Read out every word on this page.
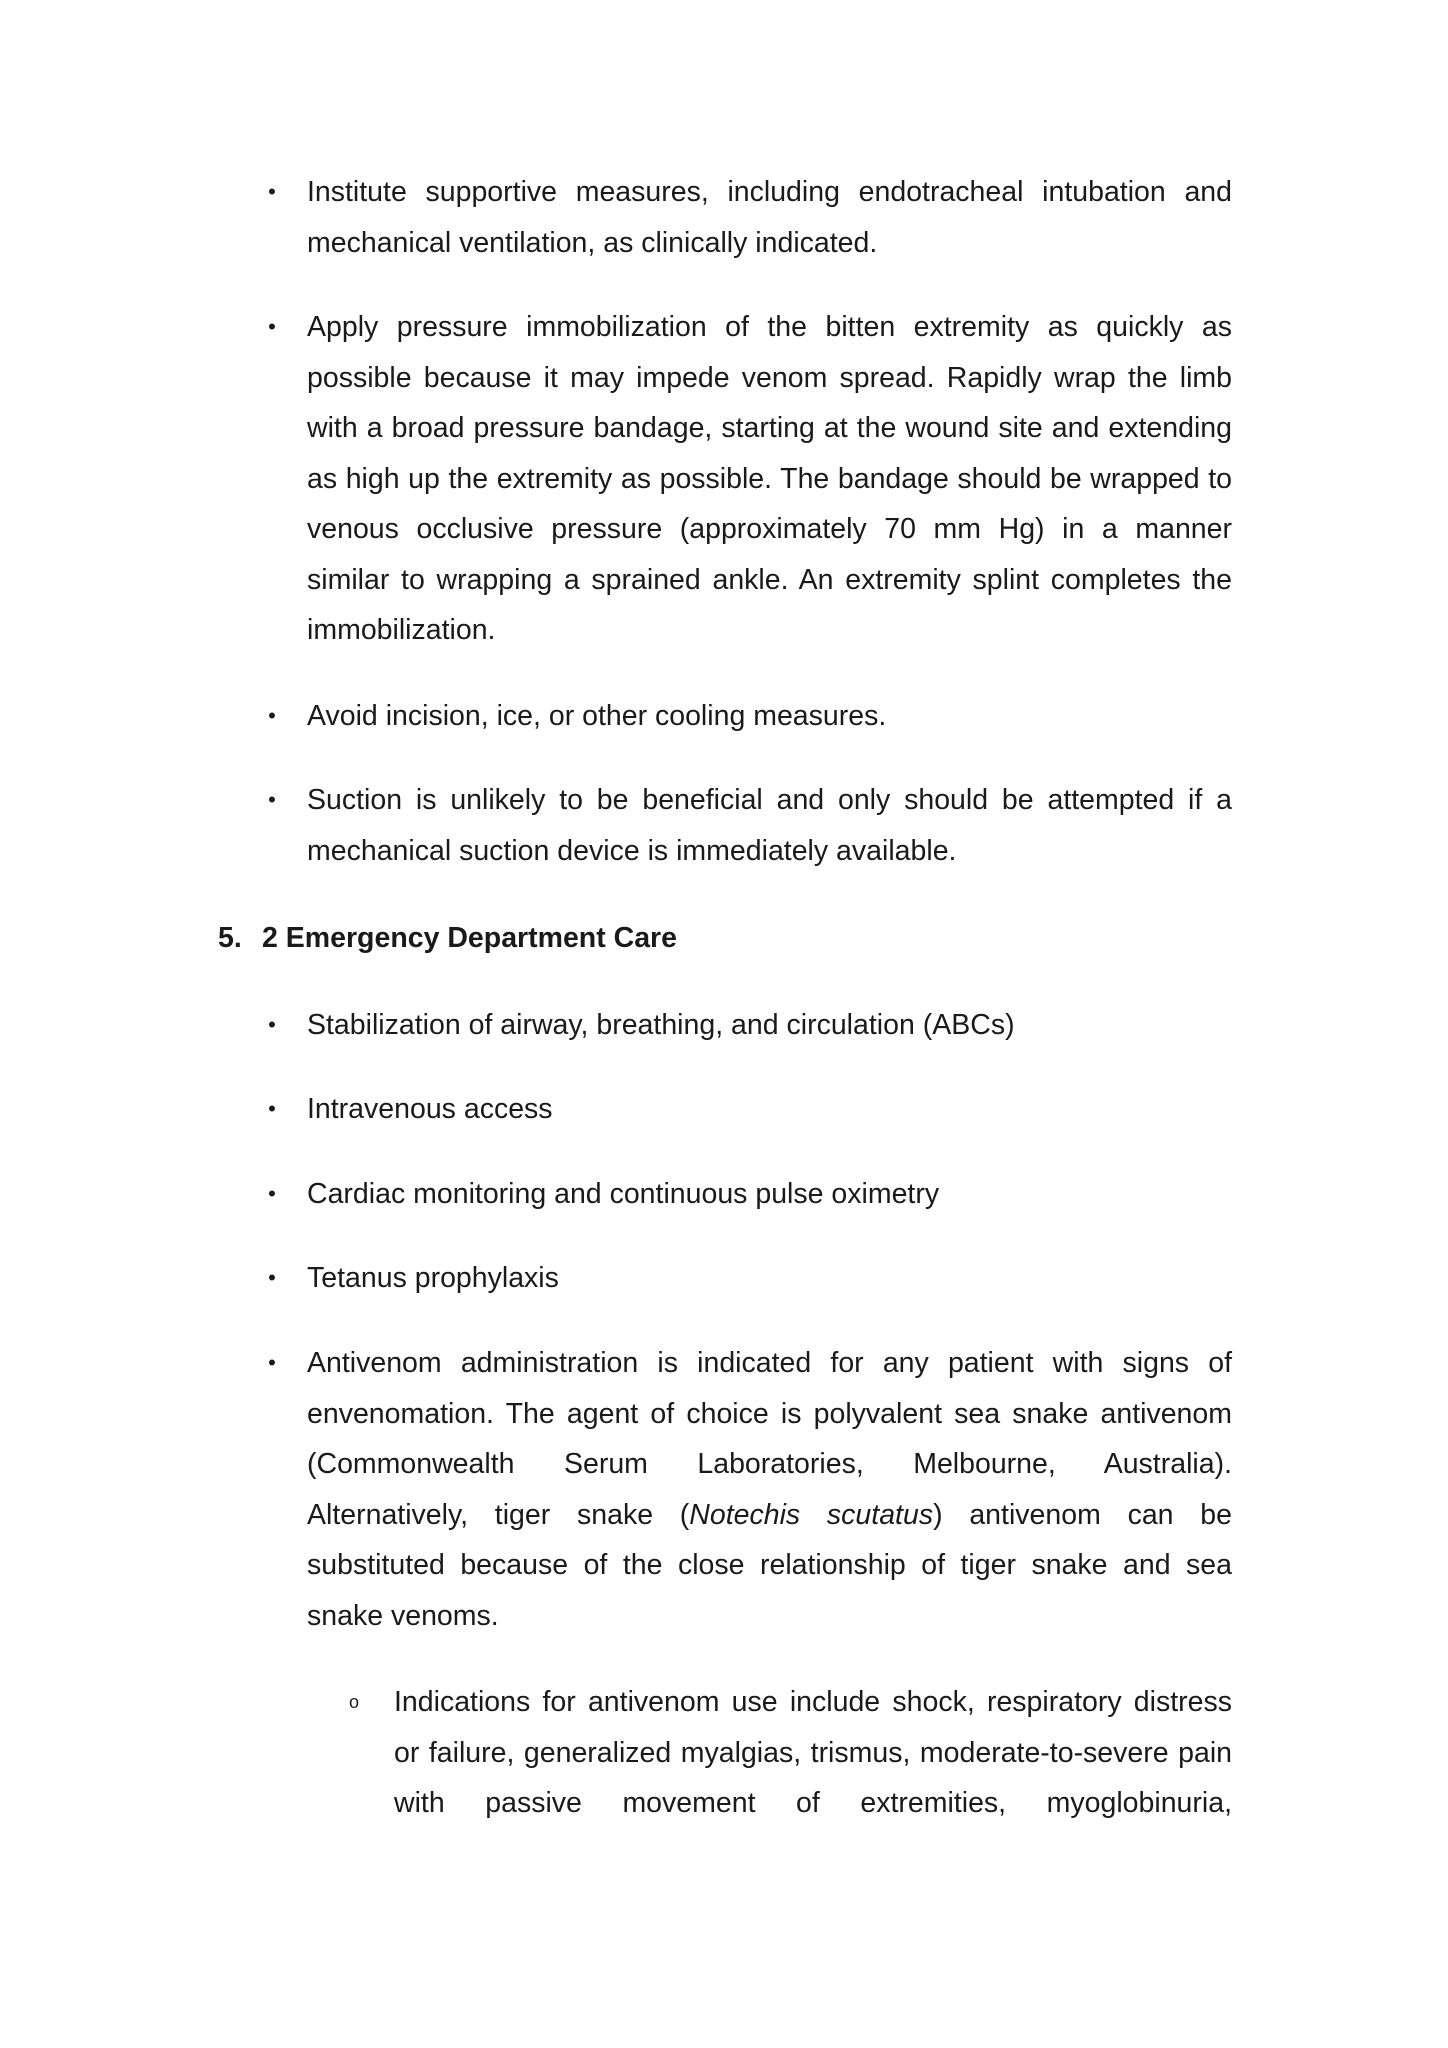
• Institute supportive measures, including endotracheal intubation and mechanical ventilation, as clinically indicated.
• Apply pressure immobilization of the bitten extremity as quickly as possible because it may impede venom spread. Rapidly wrap the limb with a broad pressure bandage, starting at the wound site and extending as high up the extremity as possible. The bandage should be wrapped to venous occlusive pressure (approximately 70 mm Hg) in a manner similar to wrapping a sprained ankle. An extremity splint completes the immobilization.
• Avoid incision, ice, or other cooling measures.
• Suction is unlikely to be beneficial and only should be attempted if a mechanical suction device is immediately available.
5. 2 Emergency Department Care
• Stabilization of airway, breathing, and circulation (ABCs)
• Intravenous access
• Cardiac monitoring and continuous pulse oximetry
• Tetanus prophylaxis
• Antivenom administration is indicated for any patient with signs of envenomation. The agent of choice is polyvalent sea snake antivenom (Commonwealth Serum Laboratories, Melbourne, Australia). Alternatively, tiger snake (Notechis scutatus) antivenom can be substituted because of the close relationship of tiger snake and sea snake venoms.
o Indications for antivenom use include shock, respiratory distress or failure, generalized myalgias, trismus, moderate-to-severe pain with passive movement of extremities, myoglobinuria,
